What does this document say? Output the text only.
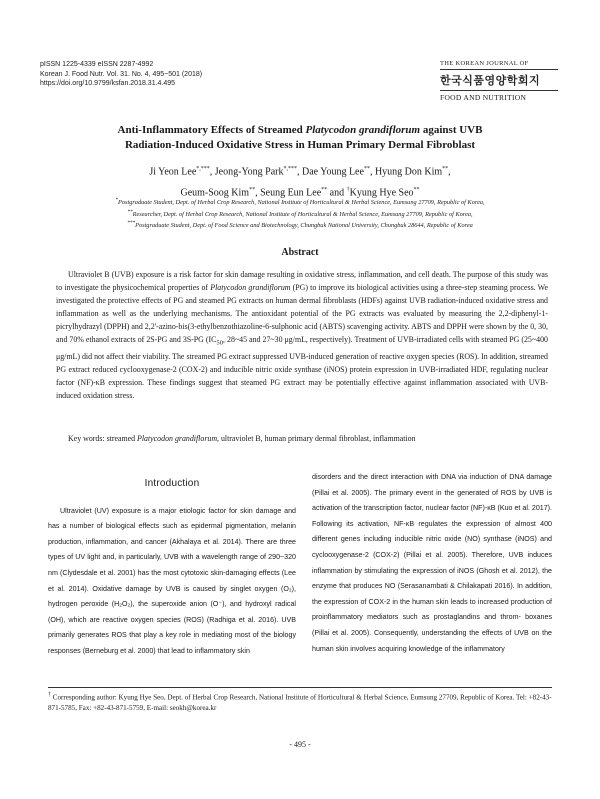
pISSN 1225-4339 eISSN 2287-4992
Korean J. Food Nutr. Vol. 31. No. 4, 495~501 (2018)
https://doi.org/10.9799/ksfan.2018.31.4.495
THE KOREAN JOURNAL OF
한국식품영양학회지
FOOD AND NUTRITION
Anti-Inflammatory Effects of Streamed Platycodon grandiflorum against UVB
Radiation-Induced Oxidative Stress in Human Primary Dermal Fibroblast
Ji Yeon Lee*,***, Jeong-Yong Park*,***, Dae Young Lee**, Hyung Don Kim**,
Geum-Soog Kim**, Seung Eun Lee** and †Kyung Hye Seo**
*Postgraduate Student, Dept. of Herbal Crop Research, National Institute of Horticultural & Herbal Science, Eumsung 27709, Republic of Korea,
**Researcher, Dept. of Herbal Crop Research, National Institute of Horticultural & Herbal Science, Eumsung 27709, Republic of Korea,
***Postgraduate Student, Dept. of Food Science and Biotechnology, Chungbuk National University, Chungbuk 28644, Republic of Korea
Abstract
Ultraviolet B (UVB) exposure is a risk factor for skin damage resulting in oxidative stress, inflammation, and cell death. The purpose of this study was to investigate the physicochemical properties of Platycodon grandiflorum (PG) to improve its biological activities using a three-step steaming process. We investigated the protective effects of PG and steamed PG extracts on human dermal fibroblasts (HDFs) against UVB radiation-induced oxidative stress and inflammation as well as the underlying mechanisms. The antioxidant potential of the PG extracts was evaluated by measuring the 2,2-diphenyl-1-picrylhydrazyl (DPPH) and 2,2'-azino-bis(3-ethylbenzothiazoline-6-sulphonic acid (ABTS) scavenging activity. ABTS and DPPH were shown by the 0, 30, and 70% ethanol extracts of 2S-PG and 3S-PG ($IC_{50}$, 28~45 and 27~30 μg/mL, respectively). Treatment of UVB-irradiated cells with steamed PG (25~400 μg/mL) did not affect their viability. The streamed PG extract suppressed UVB-induced generation of reactive oxygen species (ROS). In addition, streamed PG extract reduced cyclooxygenase-2 (COX-2) and inducible nitric oxide synthase (iNOS) protein expression in UVB-irradiated HDF, regulating nuclear factor (NF)-κB expression. These findings suggest that steamed PG extract may be potentially effective against inflammation associated with UVB-induced oxidation stress.
Key words: streamed Platycodon grandiflorum, ultraviolet B, human primary dermal fibroblast, inflammation
Introduction

Ultraviolet (UV) exposure is a major etiologic factor for skin damage and has a number of biological effects such as epidermal pigmentation, melanin production, inflammation, and cancer (Akhalaya et al. 2014). There are three types of UV light and, in particularly, UVB with a wavelength range of 290~320 nm (Clydesdale et al. 2001) has the most cytotoxic skin-damaging effects (Lee et al. 2014). Oxidative damage by UVB is caused by singlet oxygen (O₂), hydrogen peroxide (H₂O₂), the superoxide anion (O⁻), and hydroxyl radical (OH), which are reactive oxygen species (ROS) (Radhiga et al. 2016). UVB primarily generates ROS that play a key role in mediating most of the biology responses (Berneburg et al. 2000) that lead to inflammatory skin

disorders and the direct interaction with DNA via induction of DNA damage (Pillai et al. 2005). The primary event in the generated of ROS by UVB is activation of the transcription factor, nuclear factor (NF)-κB (Kuo et al. 2017). Following its activation, NF-κB regulates the expression of almost 400 different genes including inducible nitric oxide (NO) synthase (iNOS) and cyclooxygenase-2 (COX-2) (Pillai et al. 2005). Therefore, UVB induces inflammation by stimulating the expression of iNOS (Ghosh et al. 2012), the enzyme that produces NO (Serasanambati & Chilakapati 2016). In addition, the expression of COX-2 in the human skin leads to increased production of proinflammatory mediators such as prostaglandins and throm- boxanes (Pillai et al. 2005). Consequently, understanding the effects of UVB on the human skin involves acquiring knowledge of the inflammatory

† Corresponding author: Kyung Hye Seo, Dept. of Herbal Crop Research, National Institute of Horticultural & Herbal Science, Eumsung 27709, Republic of Korea. Tel: +82-43-871-5785, Fax: +82-43-871-5759, E-mail: seokh@korea.kr
- 495 -
